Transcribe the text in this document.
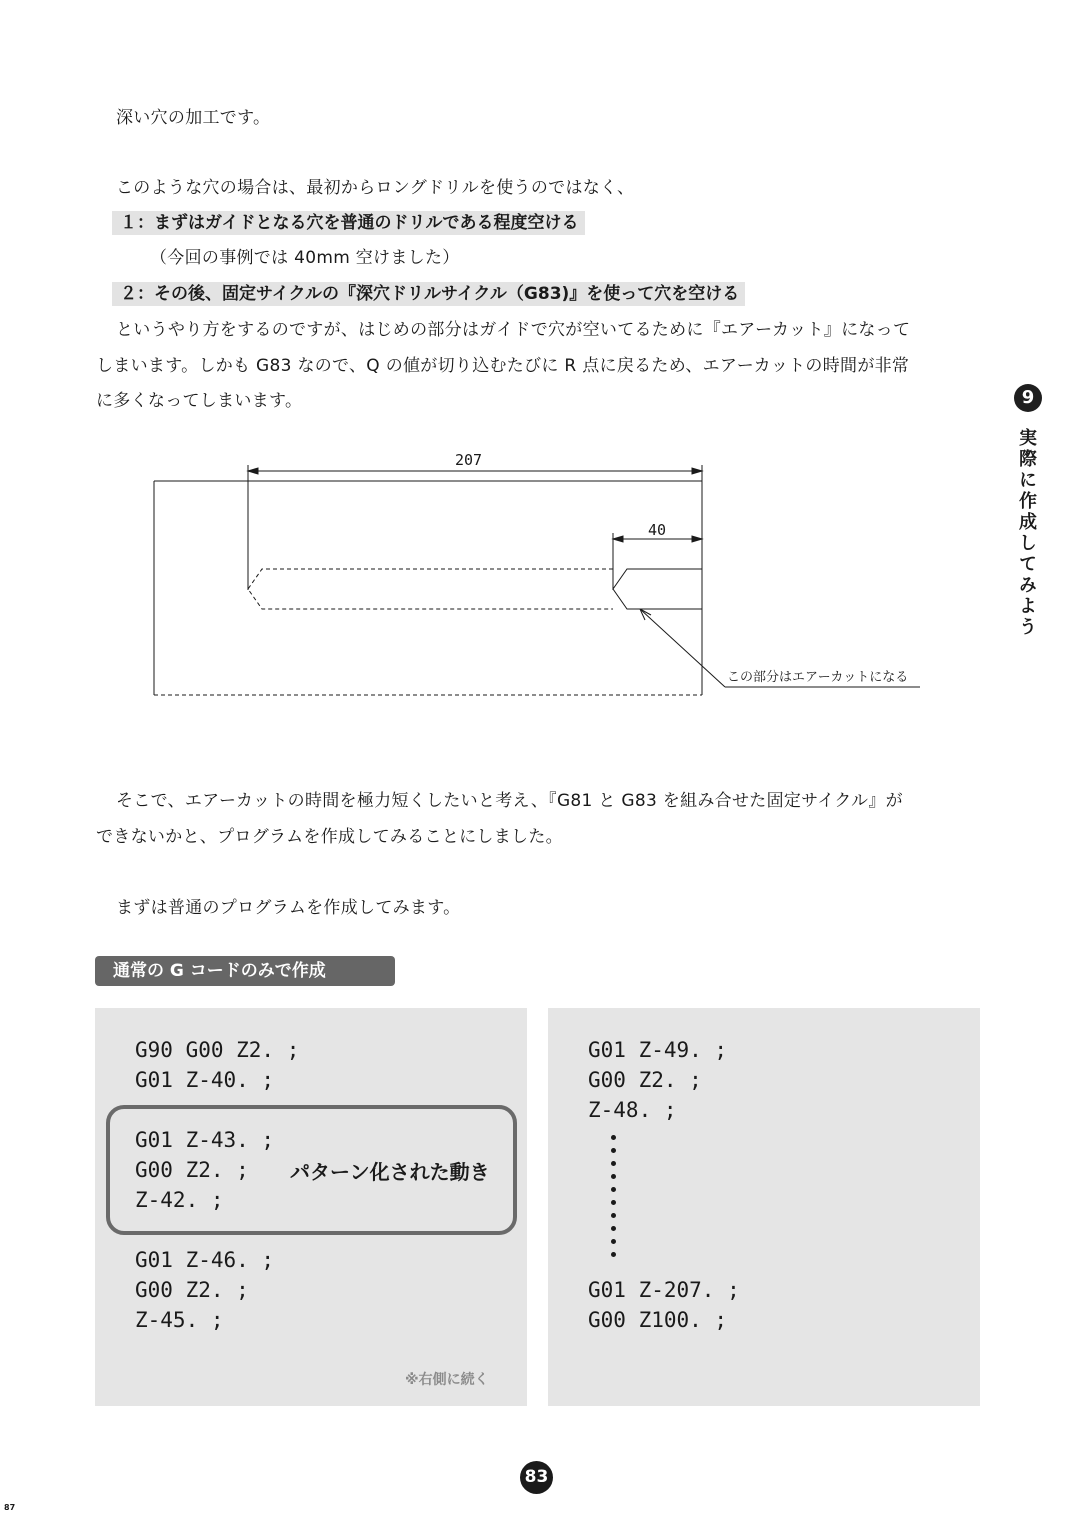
深い穴の加工です。
このような穴の場合は、最初からロングドリルを使うのではなく、
１：まずはガイドとなる穴を普通のドリルである程度空ける
（今回の事例では 40mm 空けました）
２：その後、固定サイクルの『深穴ドリルサイクル（G83)』を使って穴を空ける
というやり方をするのですが、はじめの部分はガイドで穴が空いてるために『エアーカット』になって
しまいます。しかも G83 なので、Q の値が切り込むたびに R 点に戻るため、エアーカットの時間が非常
に多くなってしまいます。	9
実際に作成してみよう
207
40
この部分はエアーカットになる
そこで、エアーカットの時間を極力短くしたいと考え、『G81 と G83 を組み合せた固定サイクル』が
できないかと、プログラムを作成してみることにしました。
まずは普通のプログラムを作成してみます。
通常の G コードのみで作成
G90 G00 Z2. ;
G01 Z-40. ;
G01 Z-43. ;
G00 Z2. ;
Z-42. ;
パターン化された動き
G01 Z-46. ;
G00 Z2. ;
Z-45. ;
※右側に続く
G01 Z-49. ;
G00 Z2. ;
Z-48. ;
G01 Z-207. ;
G00 Z100. ;
83
87
